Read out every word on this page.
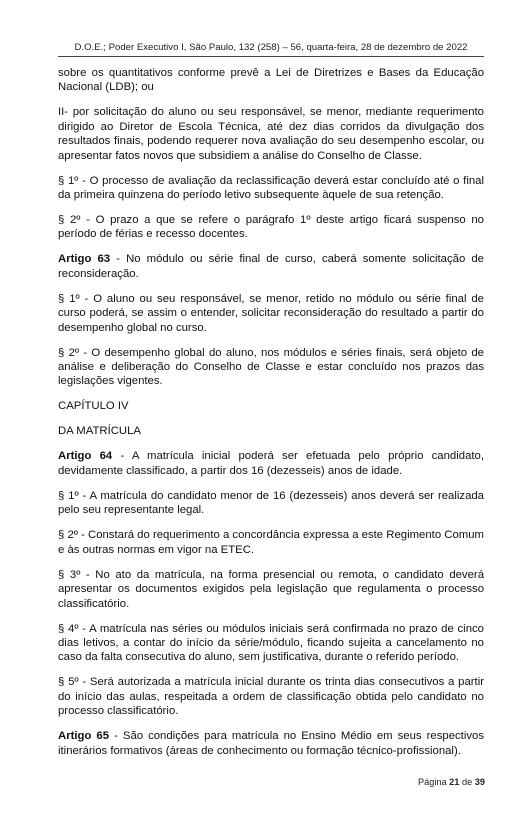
D.O.E.; Poder Executivo I, São Paulo, 132 (258) – 56, quarta-feira, 28 de dezembro de 2022

sobre os quantitativos conforme prevê a Lei de Diretrizes e Bases da Educação Nacional (LDB); ou

II- por solicitação do aluno ou seu responsável, se menor, mediante requerimento dirigido ao Diretor de Escola Técnica, até dez dias corridos da divulgação dos resultados finais, podendo requerer nova avaliação do seu desempenho escolar, ou apresentar fatos novos que subsidiem a análise do Conselho de Classe.

§ 1º - O processo de avaliação da reclassificação deverá estar concluído até o final da primeira quinzena do período letivo subsequente àquele de sua retenção.

§ 2º - O prazo a que se refere o parágrafo 1º deste artigo ficará suspenso no período de férias e recesso docentes.

Artigo 63 - No módulo ou série final de curso, caberá somente solicitação de reconsideração.

§ 1º - O aluno ou seu responsável, se menor, retido no módulo ou série final de curso poderá, se assim o entender, solicitar reconsideração do resultado a partir do desempenho global no curso.

§ 2º - O desempenho global do aluno, nos módulos e séries finais, será objeto de análise e deliberação do Conselho de Classe e estar concluído nos prazos das legislações vigentes.

CAPÍTULO IV

DA MATRÍCULA

Artigo 64 - A matrícula inicial poderá ser efetuada pelo próprio candidato, devidamente classificado, a partir dos 16 (dezesseis) anos de idade.

§ 1º - A matrícula do candidato menor de 16 (dezesseis) anos deverá ser realizada pelo seu representante legal.

§ 2º - Constará do requerimento a concordância expressa a este Regimento Comum e às outras normas em vigor na ETEC.

§ 3º - No ato da matrícula, na forma presencial ou remota, o candidato deverá apresentar os documentos exigidos pela legislação que regulamenta o processo classificatório.

§ 4º - A matrícula nas séries ou módulos iniciais será confirmada no prazo de cinco dias letivos, a contar do início da série/módulo, ficando sujeita a cancelamento no caso da falta consecutiva do aluno, sem justificativa, durante o referido período.

§ 5º - Será autorizada a matrícula inicial durante os trinta dias consecutivos a partir do início das aulas, respeitada a ordem de classificação obtida pelo candidato no processo classificatório.

Artigo 65 - São condições para matrícula no Ensino Médio em seus respectivos itinerários formativos (áreas de conhecimento ou formação técnico-profissional).

Página 21 de 39
